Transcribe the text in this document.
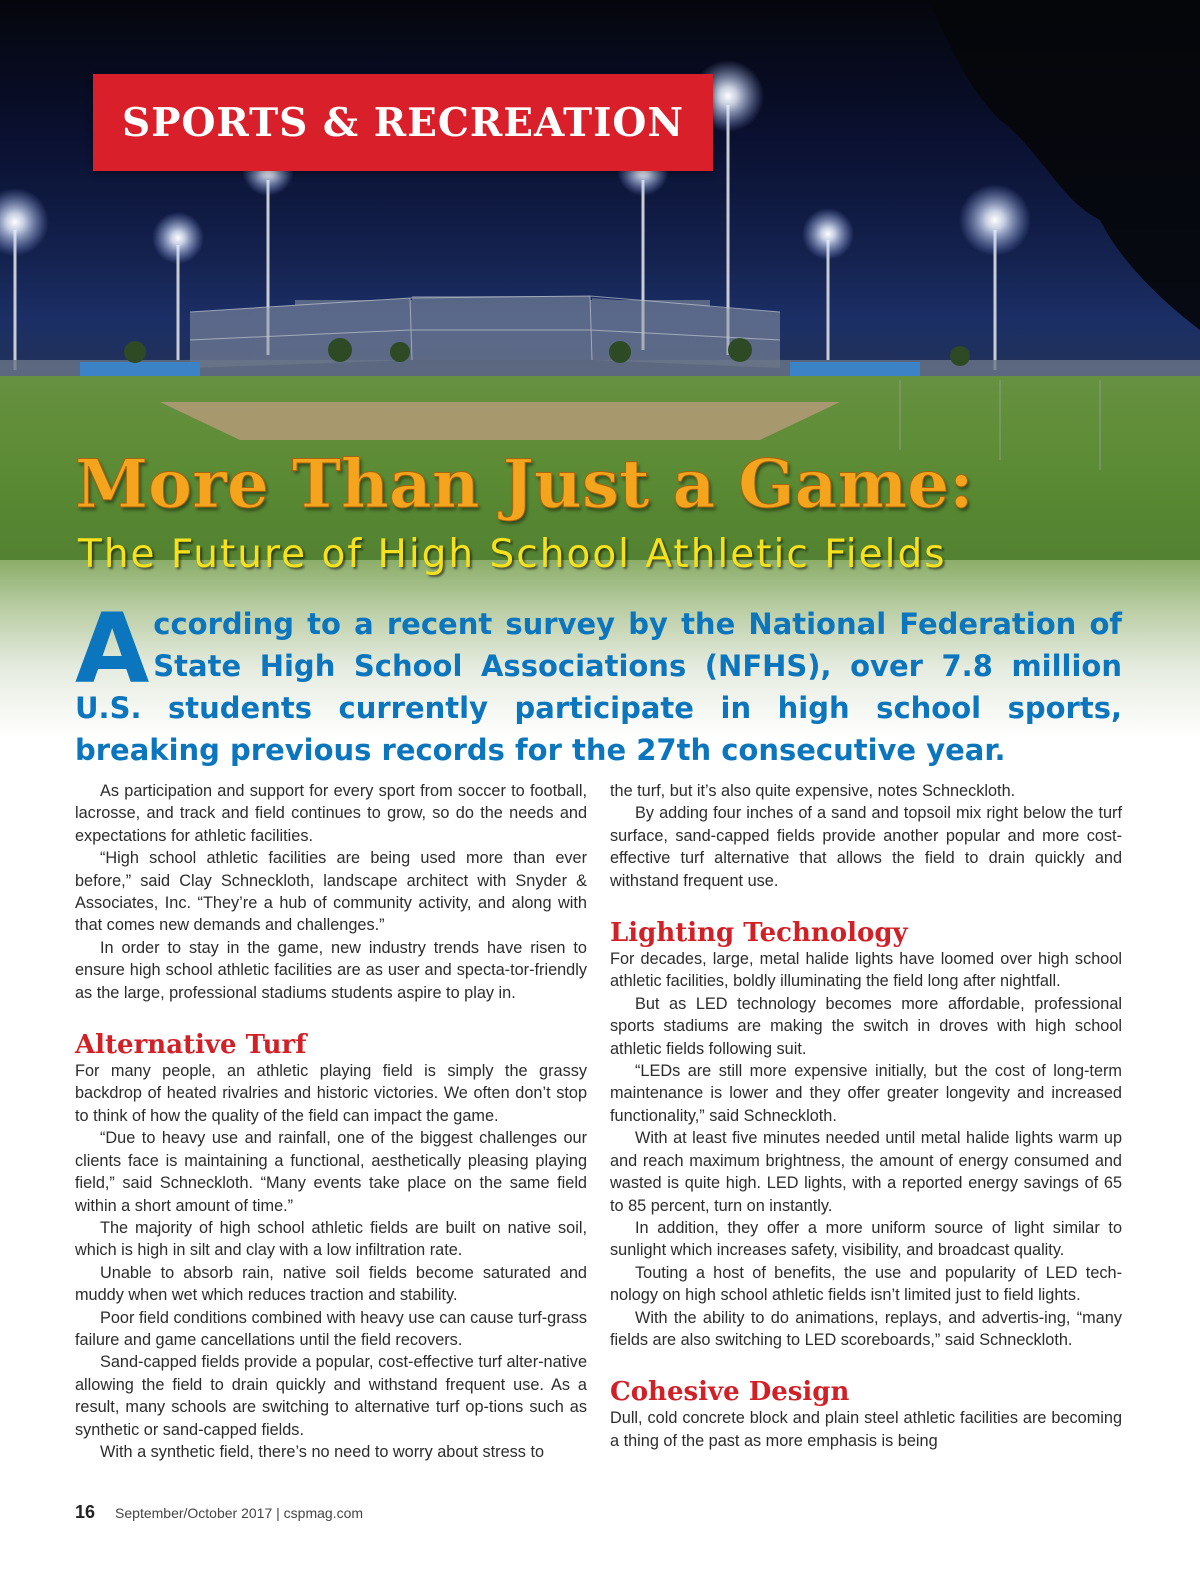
SPORTS & RECREATION
More Than Just a Game:
The Future of High School Athletic Fields

According to a recent survey by the National Federation of State High School Associations (NFHS), over 7.8 million U.S. students currently participate in high school sports, breaking previous records for the 27th consecutive year.

As participation and support for every sport from soccer to football, lacrosse, and track and field continues to grow, so do the needs and expectations for athletic facilities.

“High school athletic facilities are being used more than ever before,” said Clay Schneckloth, landscape architect with Snyder & Associates, Inc. “They’re a hub of community activity, and along with that comes new demands and challenges.”

In order to stay in the game, new industry trends have risen to ensure high school athletic facilities are as user and specta-tor-friendly as the large, professional stadiums students aspire to play in.

Alternative Turf

For many people, an athletic playing field is simply the grassy backdrop of heated rivalries and historic victories. We often don’t stop to think of how the quality of the field can impact the game.

“Due to heavy use and rainfall, one of the biggest challenges our clients face is maintaining a functional, aesthetically pleasing playing field,” said Schneckloth. “Many events take place on the same field within a short amount of time.”

The majority of high school athletic fields are built on native soil, which is high in silt and clay with a low infiltration rate.

Unable to absorb rain, native soil fields become saturated and muddy when wet which reduces traction and stability.

Poor field conditions combined with heavy use can cause turf-grass failure and game cancellations until the field recovers.

Sand-capped fields provide a popular, cost-effective turf alter-native allowing the field to drain quickly and withstand frequent use. As a result, many schools are switching to alternative turf op-tions such as synthetic or sand-capped fields.

With a synthetic field, there’s no need to worry about stress to

the turf, but it’s also quite expensive, notes Schneckloth.

By adding four inches of a sand and topsoil mix right below the turf surface, sand-capped fields provide another popular and more cost-effective turf alternative that allows the field to drain quickly and withstand frequent use.

Lighting Technology

For decades, large, metal halide lights have loomed over high school athletic facilities, boldly illuminating the field long after nightfall.

But as LED technology becomes more affordable, professional sports stadiums are making the switch in droves with high school athletic fields following suit.

“LEDs are still more expensive initially, but the cost of long-term maintenance is lower and they offer greater longevity and increased functionality,” said Schneckloth.

With at least five minutes needed until metal halide lights warm up and reach maximum brightness, the amount of energy consumed and wasted is quite high. LED lights, with a reported energy savings of 65 to 85 percent, turn on instantly.

In addition, they offer a more uniform source of light similar to sunlight which increases safety, visibility, and broadcast quality.

Touting a host of benefits, the use and popularity of LED tech-nology on high school athletic fields isn’t limited just to field lights.

With the ability to do animations, replays, and advertis-ing, “many fields are also switching to LED scoreboards,” said Schneckloth.

Cohesive Design

Dull, cold concrete block and plain steel athletic facilities are becoming a thing of the past as more emphasis is being

16 September/October 2017 | cspmag.com
